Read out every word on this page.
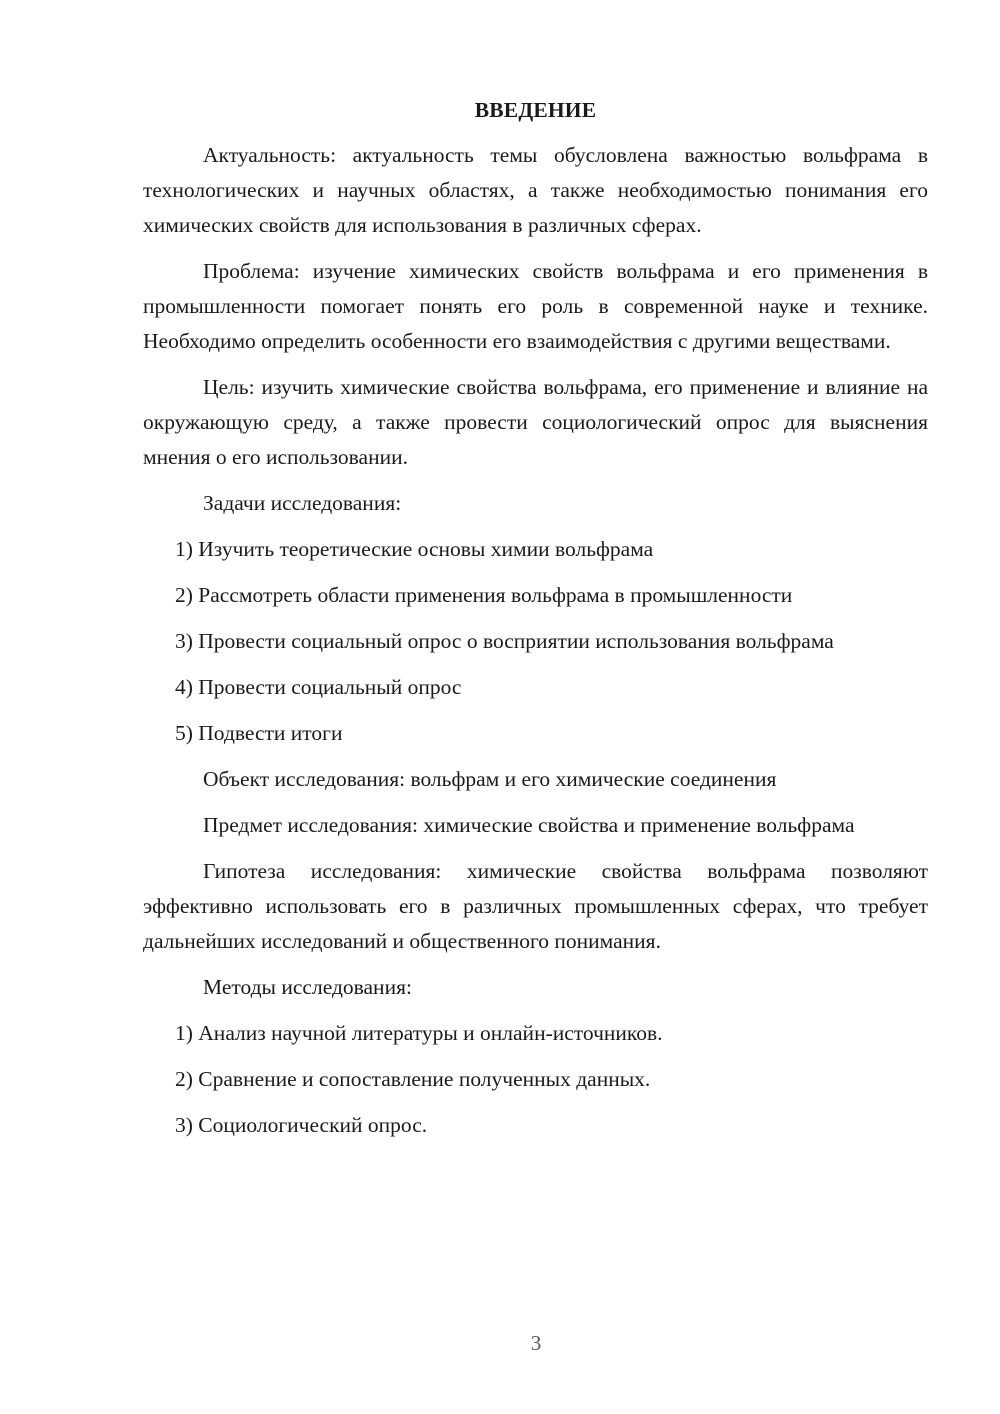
ВВЕДЕНИЕ

Актуальность: актуальность темы обусловлена важностью вольфрама в технологических и научных областях, а также необходимостью понимания его химических свойств для использования в различных сферах.

Проблема: изучение химических свойств вольфрама и его применения в промышленности помогает понять его роль в современной науке и технике. Необходимо определить особенности его взаимодействия с другими веществами.

Цель: изучить химические свойства вольфрама, его применение и влияние на окружающую среду, а также провести социологический опрос для выяснения мнения о его использовании.

Задачи исследования:

1) Изучить теоретические основы химии вольфрама

2) Рассмотреть области применения вольфрама в промышленности

3) Провести социальный опрос о восприятии использования вольфрама

4) Провести социальный опрос

5) Подвести итоги

Объект исследования: вольфрам и его химические соединения

Предмет исследования: химические свойства и применение вольфрама

Гипотеза исследования: химические свойства вольфрама позволяют эффективно использовать его в различных промышленных сферах, что требует дальнейших исследований и общественного понимания.

Методы исследования:

1) Анализ научной литературы и онлайн-источников.

2) Сравнение и сопоставление полученных данных.

3) Социологический опрос.

3
